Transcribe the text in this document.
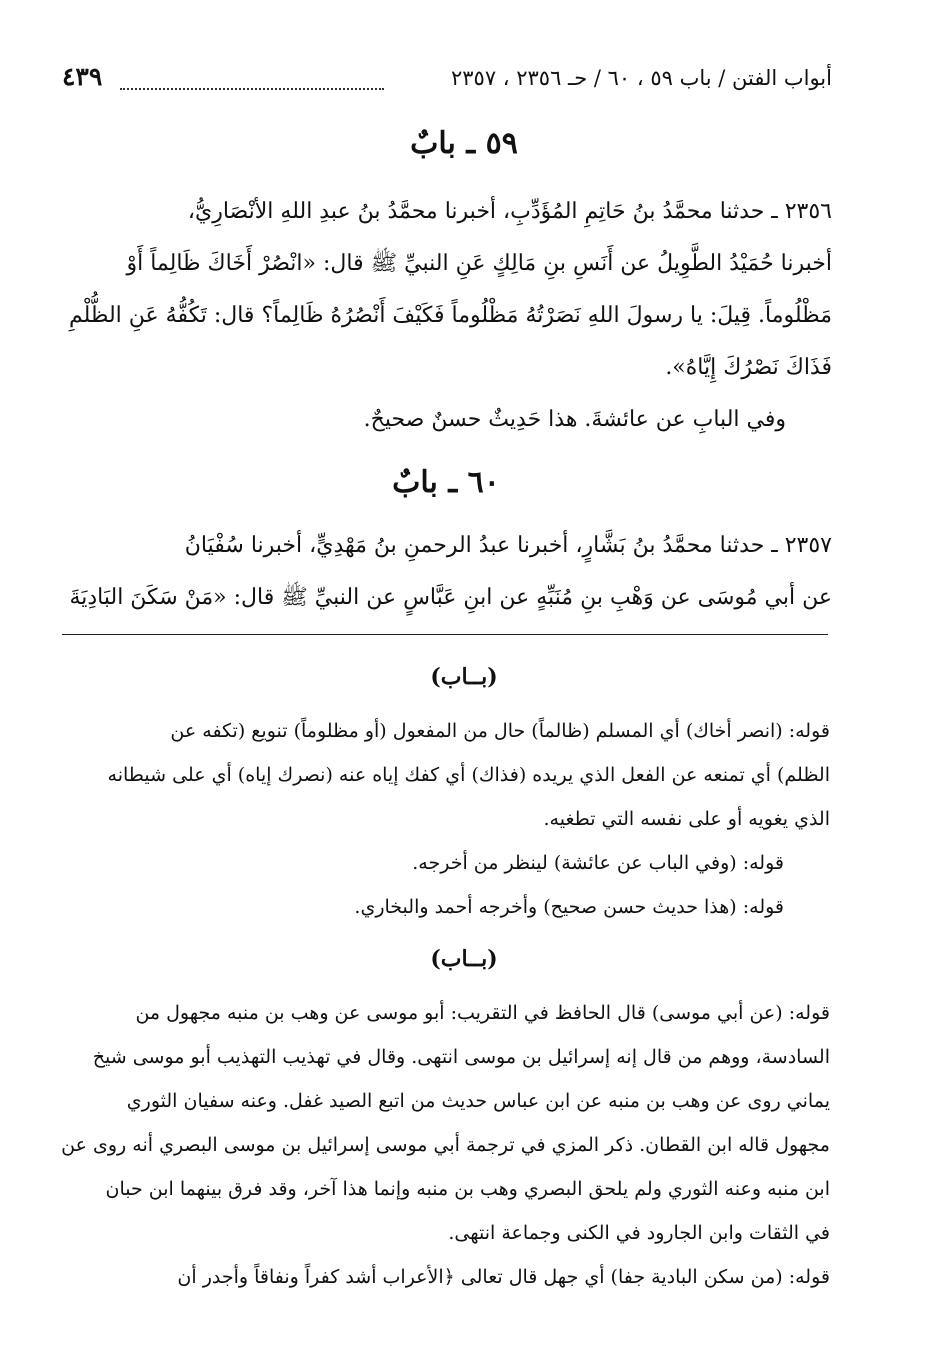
أبواب الفتن / باب ٥٩ ، ٦٠ / حـ ٢٣٥٦ ، ٢٣٥٧
٤٣٩
٥٩ ـ بابٌ

٢٣٥٦ ـ حدثنا محمَّدُ بنُ حَاتِمِ المُؤَدِّبِ، أخبرنا محمَّدُ بنُ عبدِ اللهِ الأنْصَارِيُّ،

أخبرنا حُمَيْدُ الطَّوِيلُ عن أَنَسِ بنِ مَالِكٍ عَنِ النبيِّ ﷺ قال: «انْصُرْ أَخَاكَ ظَالِماً أَوْ

مَظْلُوماً. قِيلَ: يا رسولَ اللهِ نَصَرْتُهُ مَظْلُوماً فَكَيْفَ أَنْصُرُهُ ظَالِماً؟ قال: تَكُفُّهُ عَنِ الظُّلْمِ

فَذَاكَ نَصْرُكَ إِيَّاهُ».

وفي البابِ عن عائشةَ. هذا حَدِيثٌ حسنٌ صحيحٌ.

٦٠ ـ بابٌ

٢٣٥٧ ـ حدثنا محمَّدُ بنُ بَشَّارٍ، أخبرنا عبدُ الرحمنِ بنُ مَهْدِيٍّ، أخبرنا سُفْيَانُ

عن أبي مُوسَى عن وَهْبِ بنِ مُنَبِّهٍ عن ابنِ عَبَّاسٍ عن النبيِّ ﷺ قال: «مَنْ سَكَنَ البَادِيَةَ

(بــاب)

قوله: (انصر أخاك) أي المسلم (ظالماً) حال من المفعول (أو مظلوماً) تنويع (تكفه عن

الظلم) أي تمنعه عن الفعل الذي يريده (فذاك) أي كفك إياه عنه (نصرك إياه) أي على شيطانه

الذي يغويه أو على نفسه التي تطغيه.

قوله: (وفي الباب عن عائشة) لينظر من أخرجه.

قوله: (هذا حديث حسن صحيح) وأخرجه أحمد والبخاري.

(بــاب)

قوله: (عن أبي موسى) قال الحافظ في التقريب: أبو موسى عن وهب بن منبه مجهول من

السادسة، ووهم من قال إنه إسرائيل بن موسى انتهى. وقال في تهذيب التهذيب أبو موسى شيخ

يماني روى عن وهب بن منبه عن ابن عباس حديث من اتبع الصيد غفل. وعنه سفيان الثوري

مجهول قاله ابن القطان. ذكر المزي في ترجمة أبي موسى إسرائيل بن موسى البصري أنه روى عن

ابن منبه وعنه الثوري ولم يلحق البصري وهب بن منبه وإنما هذا آخر، وقد فرق بينهما ابن حبان

في الثقات وابن الجارود في الكنى وجماعة انتهى.

قوله: (من سكن البادية جفا) أي جهل قال تعالى ﴿الأعراب أشد كفراً ونفاقاً وأجدر أن
